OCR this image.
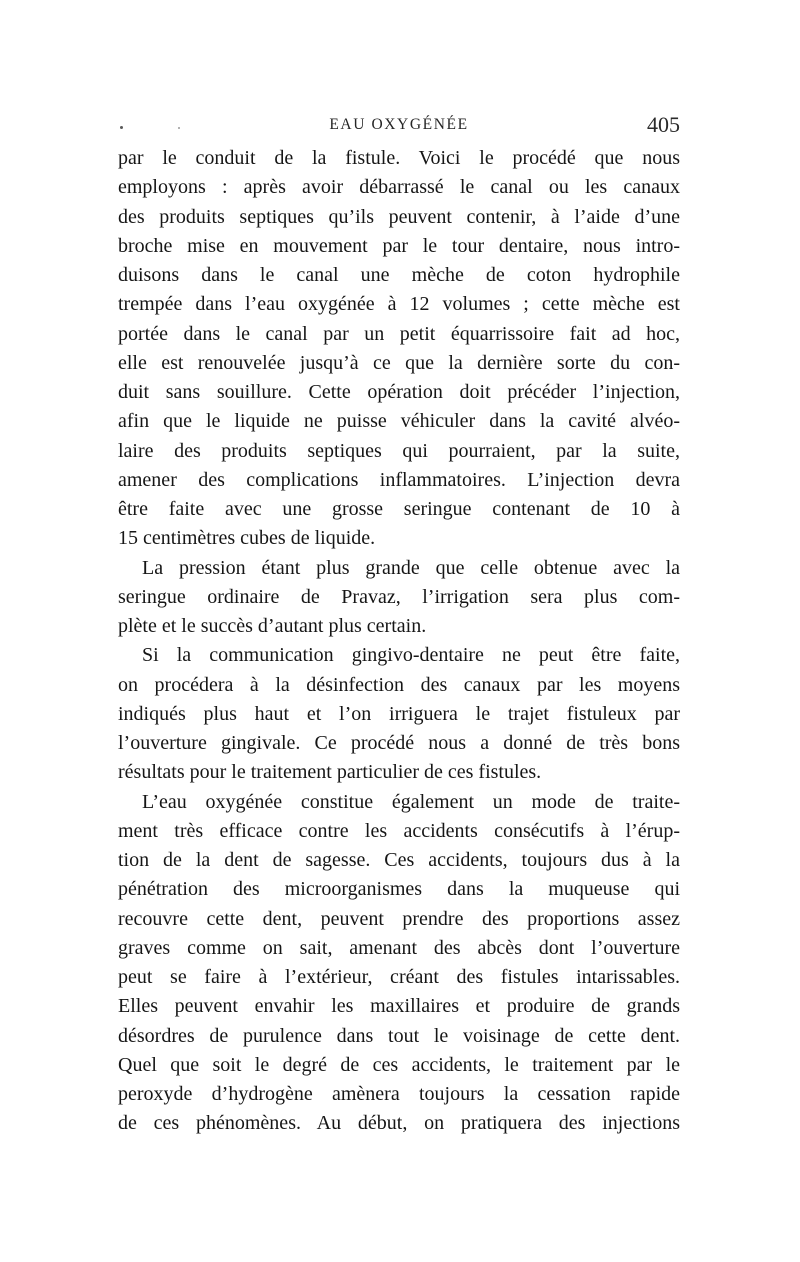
EAU OXYGÉNÉE	405
par le conduit de la fistule. Voici le procédé que nous
employons : après avoir débarrassé le canal ou les canaux
des produits septiques qu’ils peuvent contenir, à l’aide d’une
broche mise en mouvement par le tour dentaire, nous intro-
duisons dans le canal une mèche de coton hydrophile
trempée dans l’eau oxygénée à 12 volumes ; cette mèche est
portée dans le canal par un petit équarrissoire fait ad hoc,
elle est renouvelée jusqu’à ce que la dernière sorte du con-
duit sans souillure. Cette opération doit précéder l’injection,
afin que le liquide ne puisse véhiculer dans la cavité alvéo-
laire des produits septiques qui pourraient, par la suite,
amener des complications inflammatoires. L’injection devra
être faite avec une grosse seringue contenant de 10 à
15 centimètres cubes de liquide.
La pression étant plus grande que celle obtenue avec la
seringue ordinaire de Pravaz, l’irrigation sera plus com-
plète et le succès d’autant plus certain.
Si la communication gingivo-dentaire ne peut être faite,
on procédera à la désinfection des canaux par les moyens
indiqués plus haut et l’on irriguera le trajet fistuleux par
l’ouverture gingivale. Ce procédé nous a donné de très bons
résultats pour le traitement particulier de ces fistules.
L’eau oxygénée constitue également un mode de traite-
ment très efficace contre les accidents consécutifs à l’érup-
tion de la dent de sagesse. Ces accidents, toujours dus à la
pénétration des microorganismes dans la muqueuse qui
recouvre cette dent, peuvent prendre des proportions assez
graves comme on sait, amenant des abcès dont l’ouverture
peut se faire à l’extérieur, créant des fistules intarissables.
Elles peuvent envahir les maxillaires et produire de grands
désordres de purulence dans tout le voisinage de cette dent.
Quel que soit le degré de ces accidents, le traitement par le
peroxyde d’hydrogène amènera toujours la cessation rapide
de ces phénomènes. Au début, on pratiquera des injections
